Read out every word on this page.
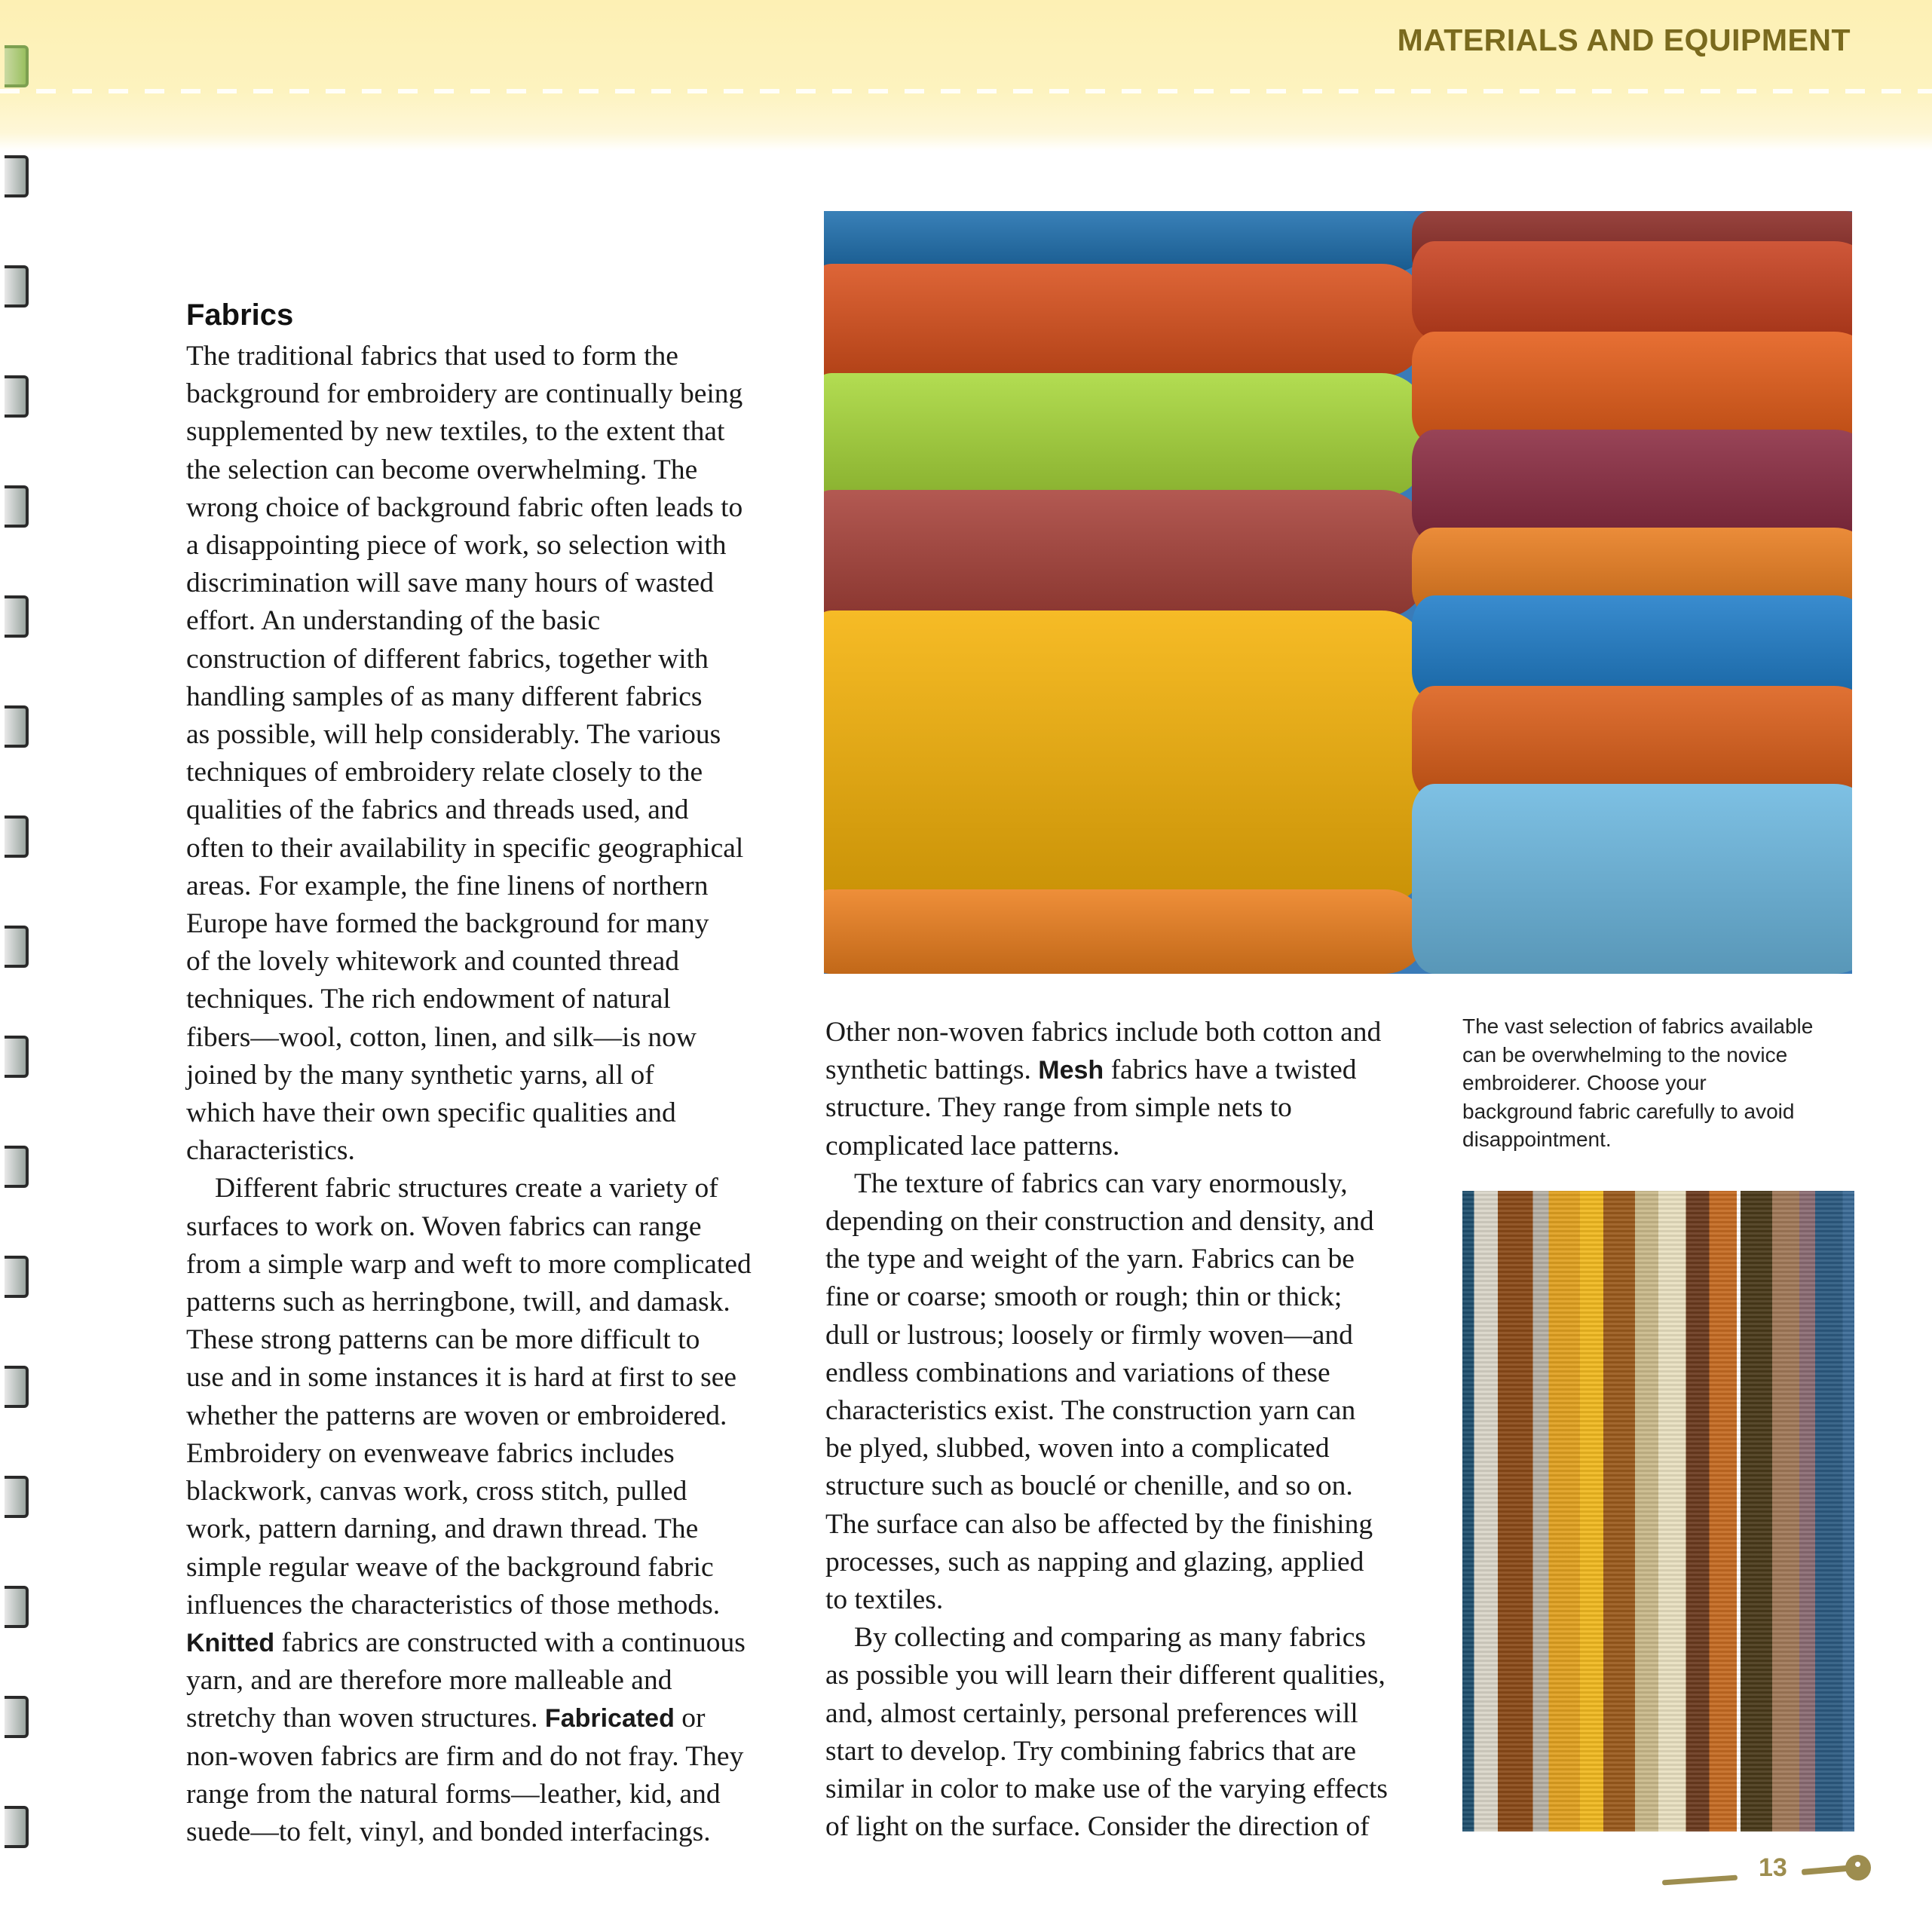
MATERIALS AND EQUIPMENT
Fabrics
The traditional fabrics that used to form the
background for embroidery are continually being
supplemented by new textiles, to the extent that
the selection can become overwhelming. The
wrong choice of background fabric often leads to
a disappointing piece of work, so selection with
discrimination will save many hours of wasted
effort. An understanding of the basic
construction of different fabrics, together with
handling samples of as many different fabrics
as possible, will help considerably. The various
techniques of embroidery relate closely to the
qualities of the fabrics and threads used, and
often to their availability in specific geographical
areas. For example, the fine linens of northern
Europe have formed the background for many
of the lovely whitework and counted thread
techniques. The rich endowment of natural
fibers—wool, cotton, linen, and silk—is now
joined by the many synthetic yarns, all of
which have their own specific qualities and
characteristics.
Different fabric structures create a variety of
surfaces to work on. Woven fabrics can range
from a simple warp and weft to more complicated
patterns such as herringbone, twill, and damask.
These strong patterns can be more difficult to
use and in some instances it is hard at first to see
whether the patterns are woven or embroidered.
Embroidery on evenweave fabrics includes
blackwork, canvas work, cross stitch, pulled
work, pattern darning, and drawn thread. The
simple regular weave of the background fabric
influences the characteristics of those methods.
Knitted fabrics are constructed with a continuous
yarn, and are therefore more malleable and
stretchy than woven structures. Fabricated or
non-woven fabrics are firm and do not fray. They
range from the natural forms—leather, kid, and
suede—to felt, vinyl, and bonded interfacings.
Other non-woven fabrics include both cotton and
synthetic battings. Mesh fabrics have a twisted
structure. They range from simple nets to
complicated lace patterns.
The texture of fabrics can vary enormously,
depending on their construction and density, and
the type and weight of the yarn. Fabrics can be
fine or coarse; smooth or rough; thin or thick;
dull or lustrous; loosely or firmly woven—and
endless combinations and variations of these
characteristics exist. The construction yarn can
be plyed, slubbed, woven into a complicated
structure such as bouclé or chenille, and so on.
The surface can also be affected by the finishing
processes, such as napping and glazing, applied
to textiles.
By collecting and comparing as many fabrics
as possible you will learn their different qualities,
and, almost certainly, personal preferences will
start to develop. Try combining fabrics that are
similar in color to make use of the varying effects
of light on the surface. Consider the direction of
The vast selection of fabrics available
can be overwhelming to the novice
embroiderer. Choose your
background fabric carefully to avoid
disappointment.
13
